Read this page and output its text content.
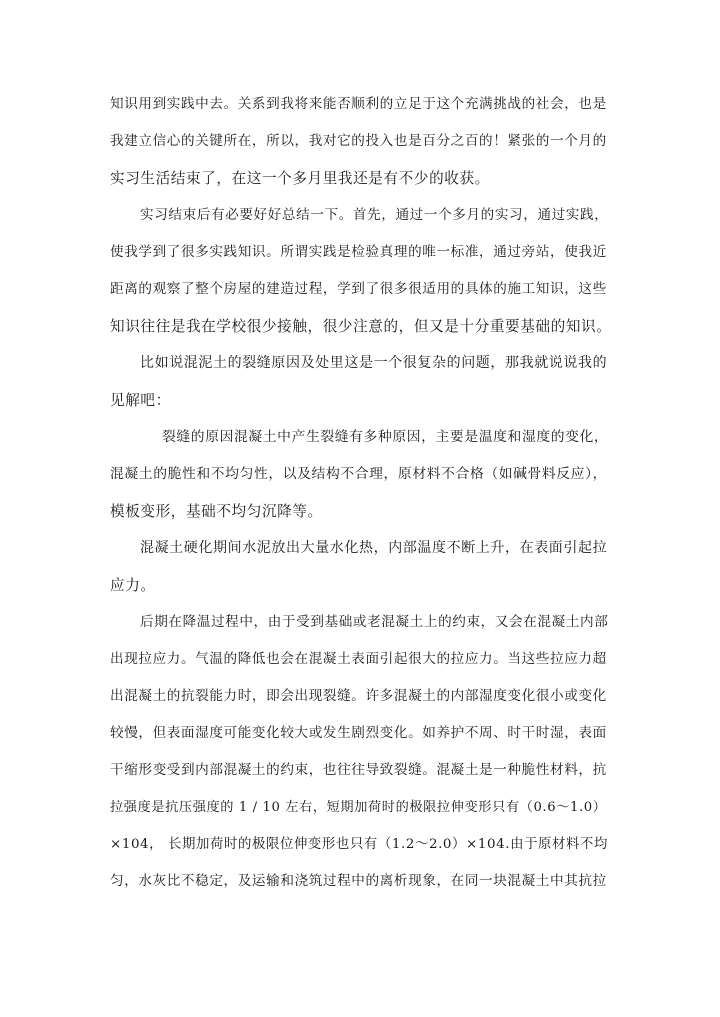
知识用到实践中去。关系到我将来能否顺利的立足于这个充满挑战的社会，也是
我建立信心的关键所在，所以，我对它的投入也是百分之百的！紧张的一个月的
实习生活结束了，在这一个多月里我还是有不少的收获。
实习结束后有必要好好总结一下。首先，通过一个多月的实习，通过实践，
使我学到了很多实践知识。所谓实践是检验真理的唯一标准，通过旁站，使我近
距离的观察了整个房屋的建造过程，学到了很多很适用的具体的施工知识，这些
知识往往是我在学校很少接触，很少注意的，但又是十分重要基础的知识。
比如说混泥土的裂缝原因及处里这是一个很复杂的问题，那我就说说我的
见解吧：
裂缝的原因混凝土中产生裂缝有多种原因，主要是温度和湿度的变化，
混凝土的脆性和不均匀性，以及结构不合理，原材料不合格（如碱骨料反应），
模板变形，基础不均匀沉降等。
混凝土硬化期间水泥放出大量水化热，内部温度不断上升，在表面引起拉
应力。
后期在降温过程中，由于受到基础或老混凝土上的约束，又会在混凝土内部
出现拉应力。气温的降低也会在混凝土表面引起很大的拉应力。当这些拉应力超
出混凝土的抗裂能力时，即会出现裂缝。许多混凝土的内部湿度变化很小或变化
较慢，但表面湿度可能变化较大或发生剧烈变化。如养护不周、时干时湿，表面
干缩形变受到内部混凝土的约束，也往往导致裂缝。混凝土是一种脆性材料，抗
拉强度是抗压强度的 1 / 10 左右，短期加荷时的极限拉伸变形只有（0.6～1.0）
×104， 长期加荷时的极限位伸变形也只有（1.2～2.0）×104.由于原材料不均
匀，水灰比不稳定，及运输和浇筑过程中的离析现象，在同一块混凝土中其抗拉
